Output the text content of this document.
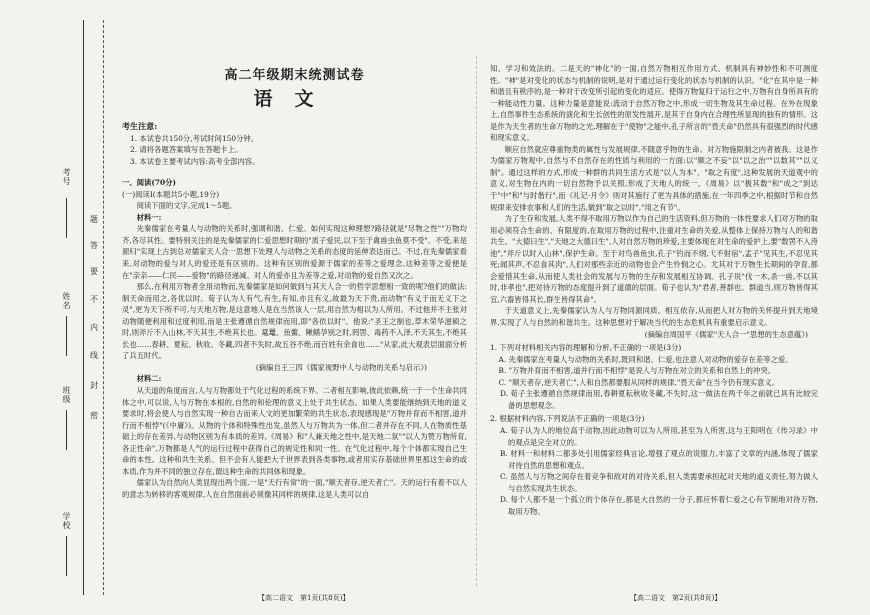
考号
姓名
班级
学校
题
答
要
不
内
线
封
密
高二年级期末统测试卷
语文
考生注意:

1. 本试卷共150分,考试时间150分钟。

2. 请将各题答案填写在答题卡上。

3. 本试卷主要考试内容:高考全部内容。

一、阅读(70分)

(一)阅读Ⅰ(本题共5小题,19分)

阅读下面的文字,完成1～5题。

材料一:

先秦儒家在考量人与动物的关系时,强调和谐、仁爱。如何实现这种理想?路径就是"尽物之性""万物均齐,各尽其性。要特别关注的是先秦儒家的仁爱思想时期的"质子爱民,以下至于禽兽虫鱼莫不受"。不受,来是源归"实现上古到总对儒家天人合一思想下处理人与动物之关系的态度的延伸表达而己。不过,在先秦儒家看来,对动物的爱与对人的爱还是有区别的。这种有区别的爱源于儒家的差等之爱理念,这种差等之爱便是在"亲亲——仁民——爱物"的路径递减。对人的爱亦且为差等之爱,对动物的爱自然又次之。

那么,在利用万物者全用动物而,先秦儒家是如何做到与其天人合一的哲学思想相一致的呢?他们的做法:制天命而用之,各优以时。荀子认为人有气,有生,有知,亦且有义,故最为天下贵,而动物"有义于而无义下之灵",更为天下所不可,与天地万物,是这意地人是在当然该人一层,用自然为相以为人所用。不过他并不主张对动物随便利用和过度利用,而是主张遵循自然规律而用,即"各依以时"。他说:"圣王之制也,草木荣华滋硕之时,则斧斤不入山林,不夭其生,不绝其长也。鼋鼍、鱼鳖、鳅鳝孕别之时,罔罟、毒药不入泽,不夭其生,不绝其长也……春耕、夏耘、秋收、冬藏,四者不失时,故五谷不绝,而百姓有余食也……"从家,此大观表层面面分析了兵五时代。

(摘编自王三四《儒家视野中人与动物的关系与启示》)

材料二:

从天道的角度而言,人与万物都处于气化过程的系统下界。二者相互影响,彼此依赖,统一于一个生命共同体之中,可以说,人与万物在本根的,自然的和伦理的意义上处于共生状态。如果人类要能继纳到天地的道义要求时,将会使人与自然实现一种自古而来人文的更加繁荣的共生状态,表现感现是"万物并育而不相害,道并行而不相悖"(《中庸》)。从物的个体和特殊性出发,虽然人与万物共为一体,但二者并存在不同,人在物质性基础上的存在差异,与动物区别为有本质的差异,《周易》和"人兼天地之性中,是天地二氛""以人为赞万物所育,各正性命",万物都是人气的运行过程中获得自己的规定性和同一性。在气化过程中,每个个体都实现自己生命的本性。这种和共生关系、但不会有人能把大千世界表到各类事物,或者用实存基础世界里那这生命的或本质,作为并不同的独立存在,谓这种生命的共同体和现象。

儒家认为自然向人类显现出两个面,一是"天行有常"的一面,"顺天者存,逆天者亡"。天的运行有着不以人的意志为转移的客观规律,人在自然面前必须像其同样的规律,这是人类可以自

知、学习和效法的。二是天的"神化"的一面,自然万物相互作用方式、机制具有神妙性和不可测度性。"神"是对变化的状态与机制的说明,是对于通过运行变化的状态与机制的认识。"化"在其中是一种和谐且有秩序的,是一种对于改变所引起的变化的适应。使得万物复归于运行之中,万物有自身所具有的一种能动性力量。这种力量是意能说:流动于自然万物之中,形成一切生物及其生命过程。在外在现象上,自然事件生态系统的演化和生长创性的原发性展开,是其于自身内在合理性所显现的独有的情形。这是作为天生者的生命万物的之光,理解在于"使物"之能中,孔子所言的"畏天命"仍然具有很强烈的时代感和现实意义。

顺应自然就应尊重物类的属性与发展规律,不随意乎物的生命。对万物施限制之内者被我。这是作为儒家万物观中,自然与不自然存在的性质与利用的一方面:以"顺之不妄"以"以之治""以数其""以义制"。通过这样的方式,形成一种群的共同生活方式是"以人为本"、"取之有度",这种发展的天道观中的意义,对生物在内的一切自然物予以关照,形成了天地人的统一。《周易》以"极其数"和"成之"到达于"中"和"与时偕行",而《礼记·月令》则对其施行了更为具体的措施,在一年四季之中,根据时节和自然规律来安排农事和人们的生活,做到"取之以时","用之有节"。

为了生存和发展,人类不得不取用万物以作为自己的生活资料,但万物的一体性要求人们对万物的取用必须符合生命的、有限度的,在取用万物的过程中,注重对生命的关爱,从整体上保持万物与人的和谐共生。"大德曰生","天地之大德曰生",人对自然万物的珍爱,主要体现在对生命的爱护上,要"数罟不入洿池","斧斤以时入山林",保护生命。至于对鸟兽鱼虫,孔子"钓而不纲,弋不射宿",孟子"见其生,不忍见其死;闻其声,不忍食其肉",人们对那些亲近的动物也会产生怜悯之心。尤其对于万物生长期间的孕育,都会爱惜其生命,从而使人类社会的发展与万物的生存和发展相互协调。孔子说"伐一木,杀一兽,不以其时,非孝也",把对待万物的态度提升到了道德的层面。荀子也认为"君者,善群也。群道当,则万物皆得其宜,六畜皆得其长,群生皆得其命"。

于天道意义上,先秦儒家认为人与万物同源同质、相互依存,从而把人对万物的关怀提升到天地境界,实现了人与自然的和谐共生。这种思想对于解决当代的生态危机具有重要启示意义。

(摘编自周国平《儒家"天人合一"思想的生态意蕴》)

1. 下列对材料相关内容的理解和分析,不正确的一项是(3分)

A. 先秦儒家在考量人与动物的关系时,既同和谐、仁爱,也注意人对动物的爱存在差等之爱。

B. "万物并育而不相害,道并行而不相悖"是说人与万物在对立的关系和自然上的冲突。

C. "顺天者存,逆天者亡",人和自然都要服从同样的规律,"畏天命"在当今仍有现实意义。

D. 荀子主张遵循自然规律而用,春耕夏耘秋收冬藏,不失时,这一做法在两千年之前就已具有比较完备的思想观念。

2. 根据材料内容,下列说法不正确的一项是(3分)

A. 荀子认为人的地位高于动物,因此动物可以为人所用,甚至为人所害,这与王阳明在《传习录》中的观点是完全对立的。

B. 材料一和材料二都多处引用儒家经典言论,增强了观点的说服力,丰富了文章的内涵,体现了儒家对待自然的思想和观点。

C. 虽然人与万物之间存在着竞争和敌对的对待关系,但人类需要承担起对天地的道义责任,努力做人与自然实现共生状态。

D. 每个人都不是一个孤立的个体存在,都是大自然的一分子,都应怀着仁爱之心有节制地对待万物,取用万物。

【高二语文　第1页(共8页)】	【高二语文　第2页(共8页)】
